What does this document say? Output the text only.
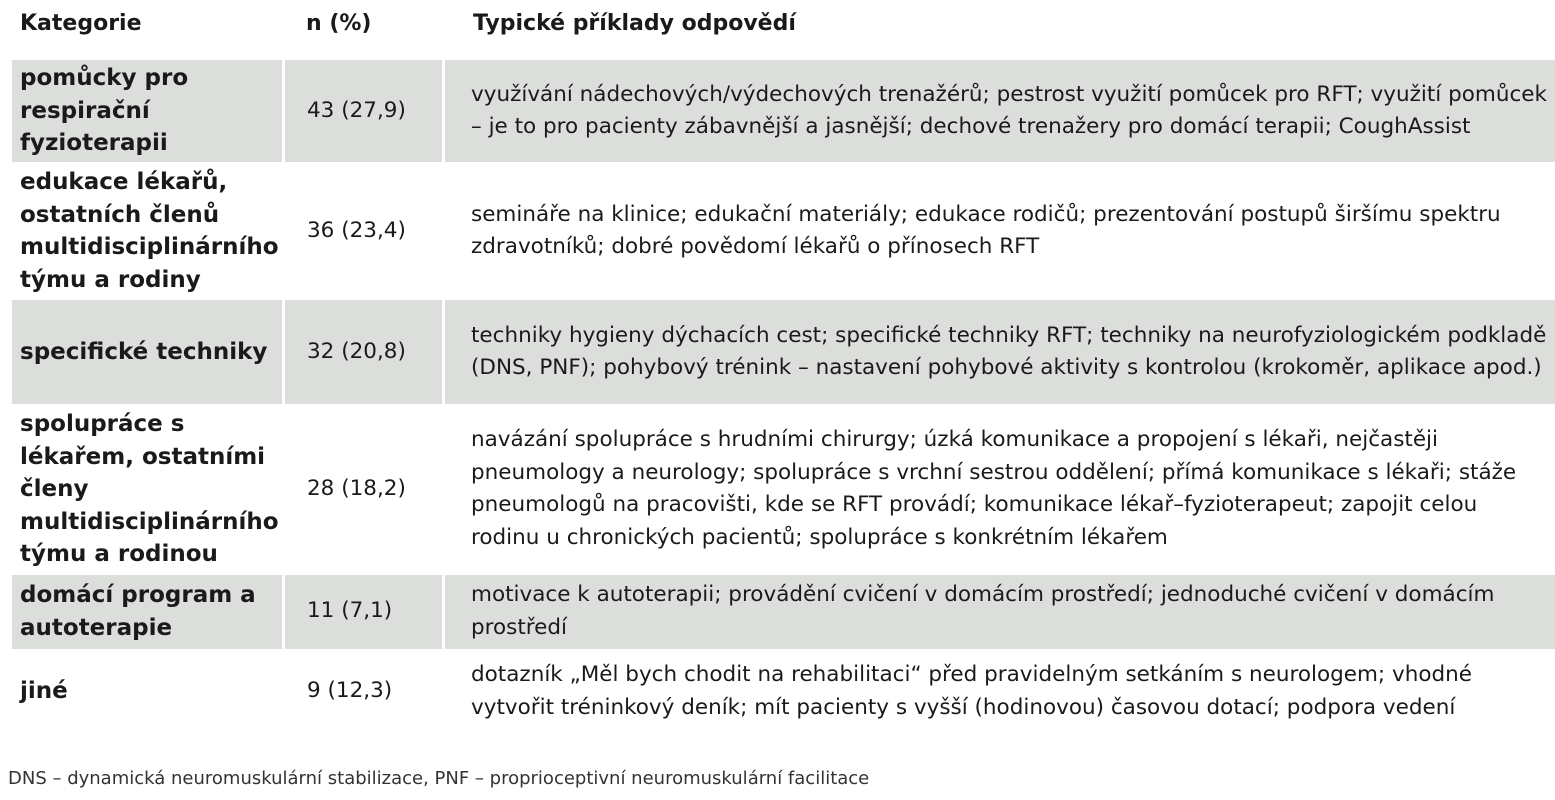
Kategorie	n (%)	Typické příklady odpovědí
pomůcky pro respirační fyzioterapii	43 (27,9)	využívání nádechových/výdechových trenažérů; pestrost využití pomůcek pro RFT; využití pomůcek – je to pro pacienty zábavnější a jasnější; dechové trenažery pro domácí terapii; CoughAssist
edukace lékařů, ostatních členů multidisciplinárního týmu a rodiny	36 (23,4)	semináře na klinice; edukační materiály; edukace rodičů; prezentování postupů širšímu spektru zdravotníků; dobré povědomí lékařů o přínosech RFT
specifické techniky	32 (20,8)	techniky hygieny dýchacích cest; specifické techniky RFT; techniky na neurofyziologickém podkladě (DNS, PNF); pohybový trénink – nastavení pohybové aktivity s kontrolou (krokoměr, aplikace apod.)
spolupráce s lékařem, ostatními členy multidisciplinárního týmu a rodinou	28 (18,2)	navázání spolupráce s hrudními chirurgy; úzká komunikace a propojení s lékaři, nejčastěji pneumology a neurology; spolupráce s vrchní sestrou oddělení; přímá komunikace s lékaři; stáže pneumologů na pracovišti, kde se RFT provádí; komunikace lékař–fyzioterapeut; zapojit celou rodinu u chronických pacientů; spolupráce s konkrétním lékařem
domácí program a autoterapie	11 (7,1)	motivace k autoterapii; provádění cvičení v domácím prostředí; jednoduché cvičení v domácím prostředí
jiné	9 (12,3)	dotazník „Měl bych chodit na rehabilitaci“ před pravidelným setkáním s neurologem; vhodné vytvořit tréninkový deník; mít pacienty s vyšší (hodinovou) časovou dotací; podpora vedení
DNS – dynamická neuromuskulární stabilizace, PNF – proprioceptivní neuromuskulární facilitace
